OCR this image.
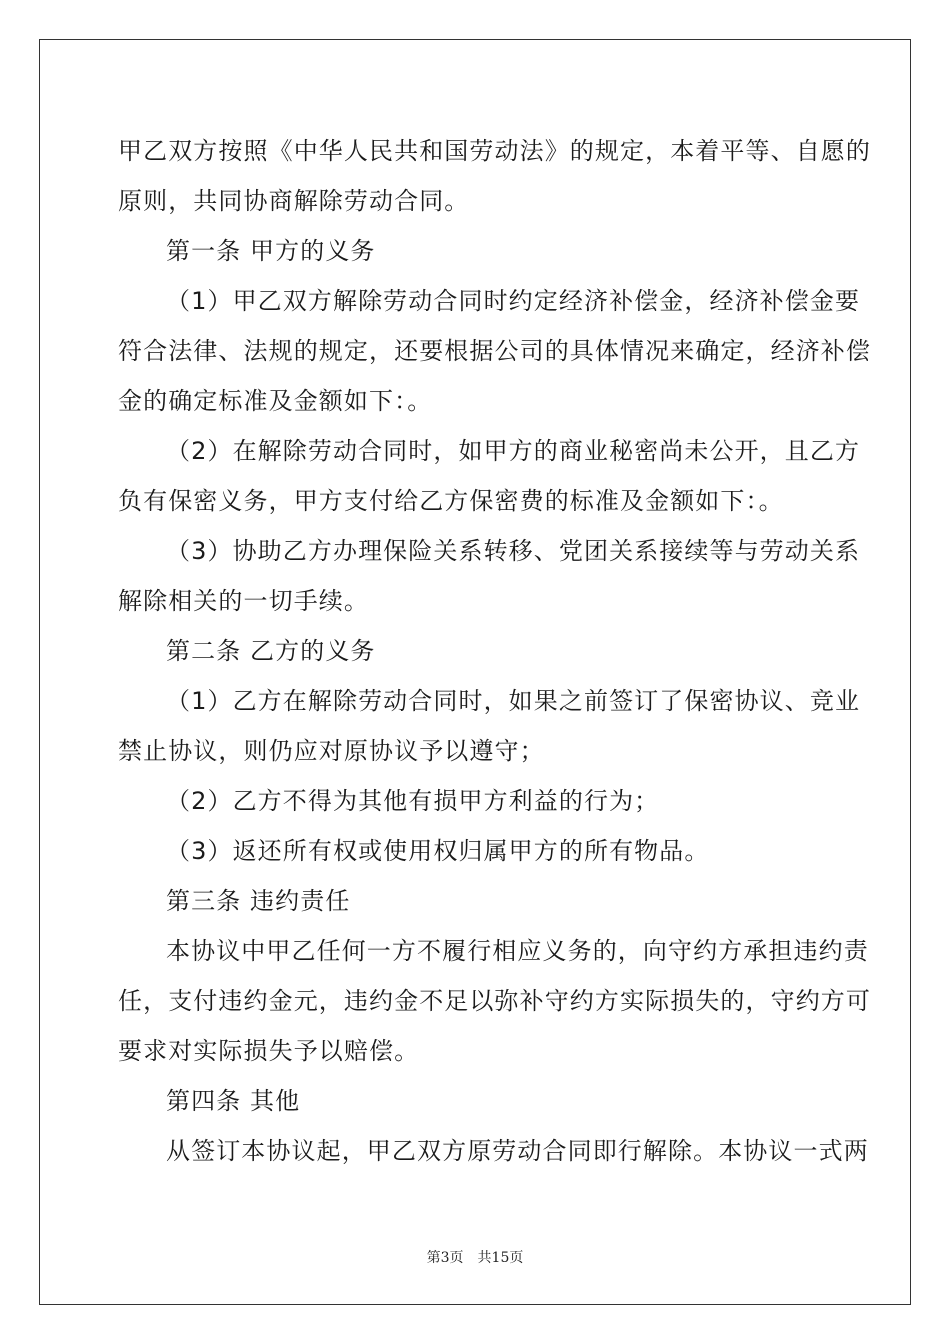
甲乙双方按照《中华人民共和国劳动法》的规定，本着平等、自愿的
原则，共同协商解除劳动合同。
第一条 甲方的义务
（1）甲乙双方解除劳动合同时约定经济补偿金，经济补偿金要
符合法律、法规的规定，还要根据公司的具体情况来确定，经济补偿
金的确定标准及金额如下：。
（2）在解除劳动合同时，如甲方的商业秘密尚未公开，且乙方
负有保密义务，甲方支付给乙方保密费的标准及金额如下：。
（3）协助乙方办理保险关系转移、党团关系接续等与劳动关系
解除相关的一切手续。
第二条 乙方的义务
（1）乙方在解除劳动合同时，如果之前签订了保密协议、竞业
禁止协议，则仍应对原协议予以遵守；
（2）乙方不得为其他有损甲方利益的行为；
（3）返还所有权或使用权归属甲方的所有物品。
第三条 违约责任
本协议中甲乙任何一方不履行相应义务的，向守约方承担违约责
任，支付违约金元，违约金不足以弥补守约方实际损失的，守约方可
要求对实际损失予以赔偿。
第四条 其他
从签订本协议起，甲乙双方原劳动合同即行解除。本协议一式两
第3页 共15页
